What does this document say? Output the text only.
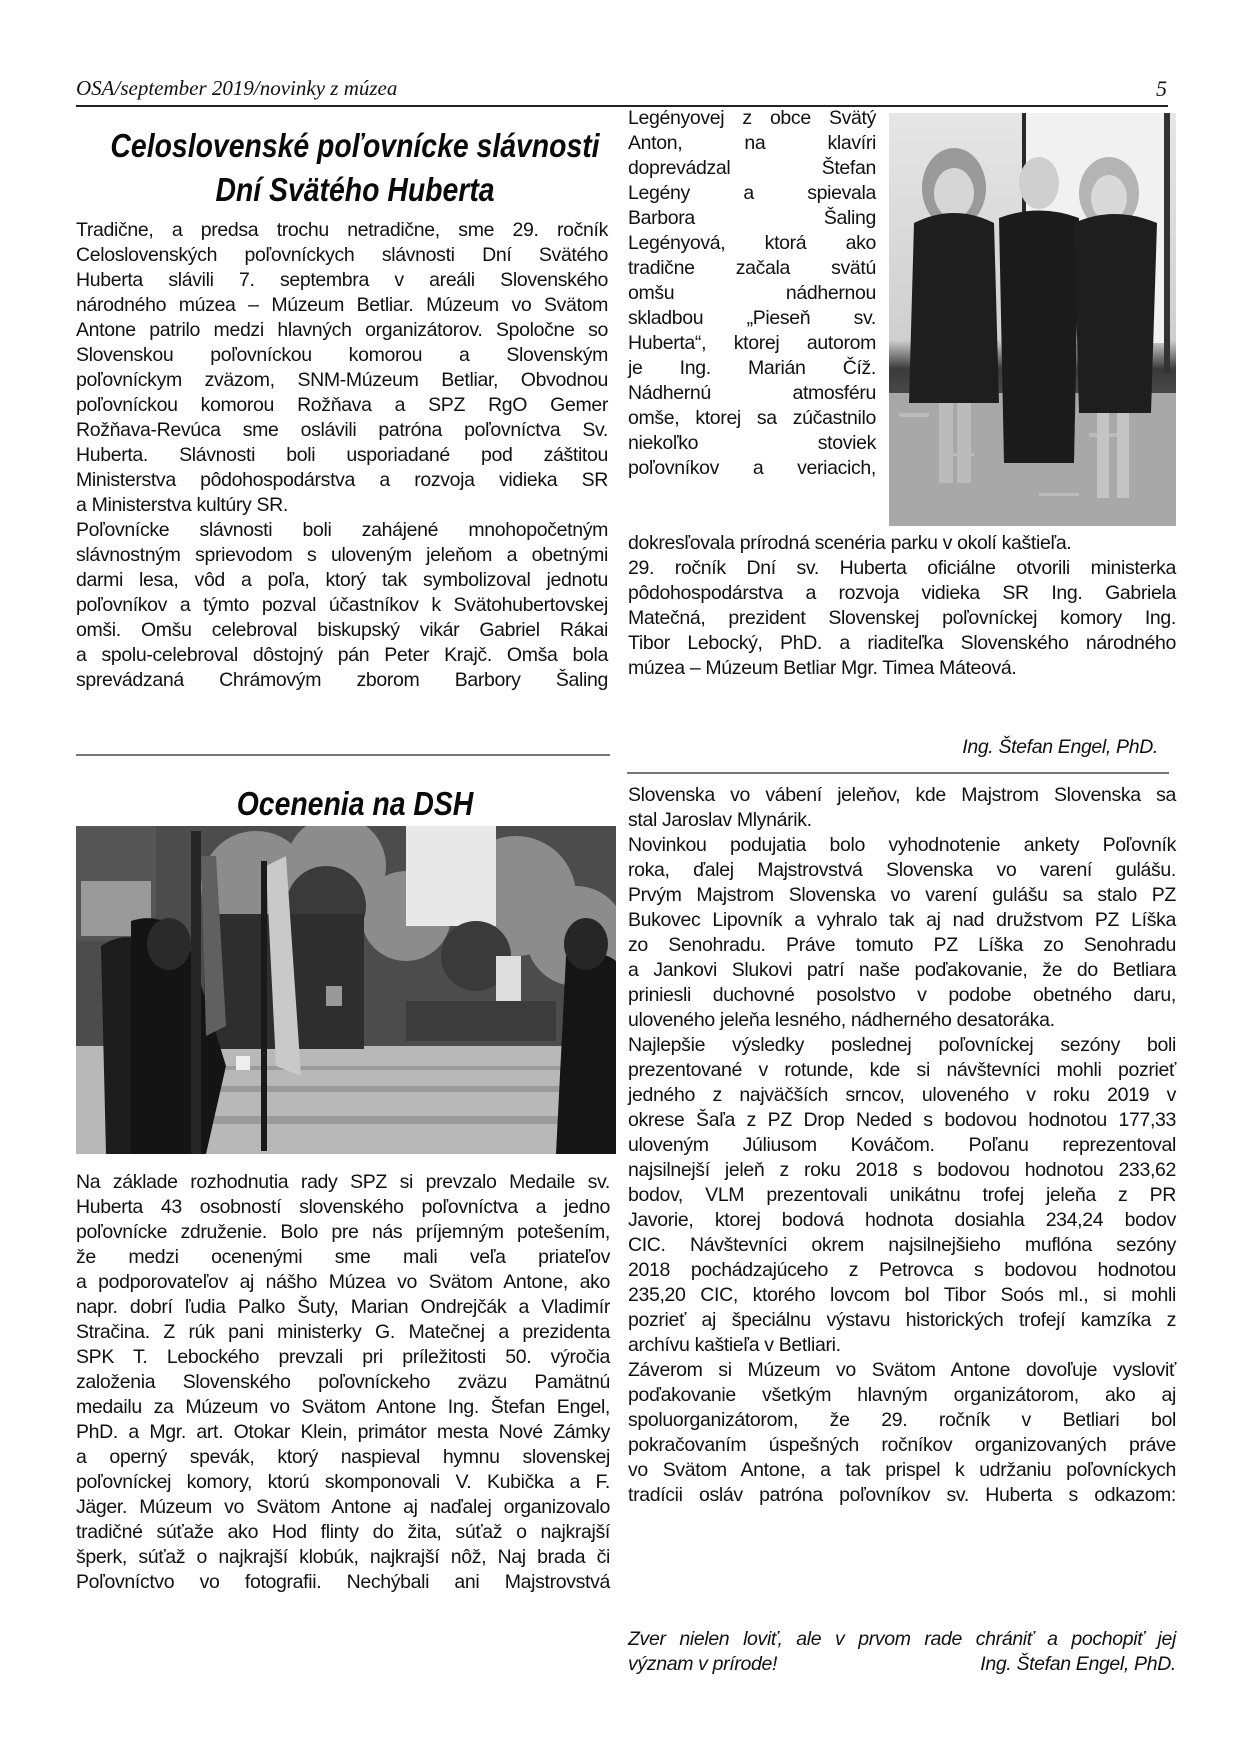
OSA/september 2019/novinky z múzea	5
Celoslovenské poľovnícke slávnosti
Dní Svätého Huberta
Tradične, a predsa trochu netradične, sme 29. ročník
Celoslovenských poľovníckych slávnosti Dní Svätého
Huberta slávili 7. septembra v areáli Slovenského
národného múzea – Múzeum Betliar. Múzeum vo Svätom
Antone patrilo medzi hlavných organizátorov. Spoločne so
Slovenskou poľovníckou komorou a Slovenským
poľovníckym zväzom, SNM-Múzeum Betliar, Obvodnou
poľovníckou komorou Rožňava a SPZ RgO Gemer
Rožňava-Revúca sme oslávili patróna poľovníctva Sv.
Huberta. Slávnosti boli usporiadané pod záštitou
Ministerstva pôdohospodárstva a rozvoja vidieka SR
a Ministerstva kultúry SR.
Poľovnícke slávnosti boli zahájené mnohopočetným
slávnostným sprievodom s uloveným jeleňom a obetnými
darmi lesa, vôd a poľa, ktorý tak symbolizoval jednotu
poľovníkov a týmto pozval účastníkov k Svätohubertovskej
omši. Omšu celebroval biskupský vikár Gabriel Rákai
a spolu-celebroval dôstojný pán Peter Krajč. Omša bola
sprevádzaná Chrámovým zborom Barbory Šaling
Legényovej z obce Svätý
Anton, na klavíri
doprevádzal Štefan
Legény a spievala
Barbora Šaling
Legényová, ktorá ako
tradične začala svätú
omšu nádhernou
skladbou „Pieseň sv.
Huberta“, ktorej autorom
je Ing. Marián Číž.
Nádhernú atmosféru
omše, ktorej sa zúčastnilo
niekoľko stoviek
poľovníkov a veriacich,
dokresľovala prírodná scenéria parku v okolí kaštieľa.
29. ročník Dní sv. Huberta oficiálne otvorili ministerka
pôdohospodárstva a rozvoja vidieka SR Ing. Gabriela
Matečná, prezident Slovenskej poľovníckej komory Ing.
Tibor Lebocký, PhD. a riaditeľka Slovenského národného
múzea – Múzeum Betliar Mgr. Timea Máteová.
Ing. Štefan Engel, PhD.
Ocenenia na DSH
Na základe rozhodnutia rady SPZ si prevzalo Medaile sv.
Huberta 43 osobností slovenského poľovníctva a jedno
poľovnícke združenie. Bolo pre nás príjemným potešením,
že medzi ocenenými sme mali veľa priateľov
a podporovateľov aj nášho Múzea vo Svätom Antone, ako
napr. dobrí ľudia Palko Šuty, Marian Ondrejčák a Vladimír
Stračina. Z rúk pani ministerky G. Matečnej a prezidenta
SPK T. Lebockého prevzali pri príležitosti 50. výročia
založenia Slovenského poľovníckeho zväzu Pamätnú
medailu za Múzeum vo Svätom Antone Ing. Štefan Engel,
PhD. a Mgr. art. Otokar Klein, primátor mesta Nové Zámky
a operný spevák, ktorý naspieval hymnu slovenskej
poľovníckej komory, ktorú skomponovali V. Kubička a F.
Jäger. Múzeum vo Svätom Antone aj naďalej organizovalo
tradičné súťaže ako Hod flinty do žita, súťaž o najkrajší
šperk, súťaž o najkrajší klobúk, najkrajší nôž, Naj brada či
Poľovníctvo vo fotografii. Nechýbali ani Majstrovstvá
Slovenska vo vábení jeleňov, kde Majstrom Slovenska sa
stal Jaroslav Mlynárik.
Novinkou podujatia bolo vyhodnotenie ankety Poľovník
roka, ďalej Majstrovstvá Slovenska vo varení gulášu.
Prvým Majstrom Slovenska vo varení gulášu sa stalo PZ
Bukovec Lipovník a vyhralo tak aj nad družstvom PZ Líška
zo Senohradu. Práve tomuto PZ Líška zo Senohradu
a Jankovi Slukovi patrí naše poďakovanie, že do Betliara
priniesli duchovné posolstvo v podobe obetného daru,
uloveného jeleňa lesného, nádherného desatoráka.
Najlepšie výsledky poslednej poľovníckej sezóny boli
prezentované v rotunde, kde si návštevníci mohli pozrieť
jedného z najväčších srncov, uloveného v roku 2019 v
okrese Šaľa z PZ Drop Neded s bodovou hodnotou 177,33
uloveným Júliusom Kováčom. Poľanu reprezentoval
najsilnejší jeleň z roku 2018 s bodovou hodnotou 233,62
bodov, VLM prezentovali unikátnu trofej jeleňa z PR
Javorie, ktorej bodová hodnota dosiahla 234,24 bodov
CIC. Návštevníci okrem najsilnejšieho muflóna sezóny
2018 pochádzajúceho z Petrovca s bodovou hodnotou
235,20 CIC, ktorého lovcom bol Tibor Soós ml., si mohli
pozrieť aj špeciálnu výstavu historických trofejí kamzíka z
archívu kaštieľa v Betliari.
Záverom si Múzeum vo Svätom Antone dovoľuje vysloviť
poďakovanie všetkým hlavným organizátorom, ako aj
spoluorganizátorom, že 29. ročník v Betliari bol
pokračovaním úspešných ročníkov organizovaných práve
vo Svätom Antone, a tak prispel k udržaniu poľovníckych
tradícii osláv patróna poľovníkov sv. Huberta s odkazom:
Zver nielen loviť, ale v prvom rade chrániť a pochopiť jej
význam v prírode!	Ing. Štefan Engel, PhD.
